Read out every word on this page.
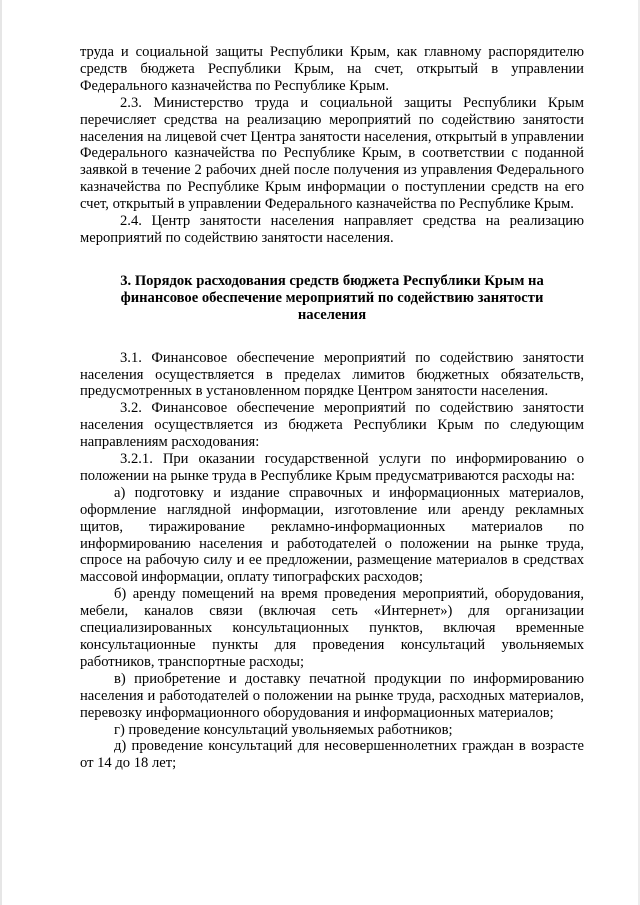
труда и социальной защиты Республики Крым, как главному распорядителю средств бюджета Республики Крым, на счет, открытый в управлении Федерального казначейства по Республике Крым.

2.3. Министерство труда и социальной защиты Республики Крым перечисляет средства на реализацию мероприятий по содействию занятости населения на лицевой счет Центра занятости населения, открытый в управлении Федерального казначейства по Республике Крым, в соответствии с поданной заявкой в течение 2 рабочих дней после получения из управления Федерального казначейства по Республике Крым информации о поступлении средств на его счет, открытый в управлении Федерального казначейства по Республике Крым.

2.4. Центр занятости населения направляет средства на реализацию мероприятий по содействию занятости населения.

3. Порядок расходования средств бюджета Республики Крым на финансовое обеспечение мероприятий по содействию занятости населения

3.1. Финансовое обеспечение мероприятий по содействию занятости населения осуществляется в пределах лимитов бюджетных обязательств, предусмотренных в установленном порядке Центром занятости населения.

3.2. Финансовое обеспечение мероприятий по содействию занятости населения осуществляется из бюджета Республики Крым по следующим направлениям расходования:

3.2.1. При оказании государственной услуги по информированию о положении на рынке труда в Республике Крым предусматриваются расходы на:

а) подготовку и издание справочных и информационных материалов, оформление наглядной информации, изготовление или аренду рекламных щитов, тиражирование рекламно-информационных материалов по информированию населения и работодателей о положении на рынке труда, спросе на рабочую силу и ее предложении, размещение материалов в средствах массовой информации, оплату типографских расходов;

б) аренду помещений на время проведения мероприятий, оборудования, мебели, каналов связи (включая сеть «Интернет») для организации специализированных консультационных пунктов, включая временные консультационные пункты для проведения консультаций увольняемых работников, транспортные расходы;

в) приобретение и доставку печатной продукции по информированию населения и работодателей о положении на рынке труда, расходных материалов, перевозку информационного оборудования и информационных материалов;

г) проведение консультаций увольняемых работников;

д) проведение консультаций для несовершеннолетних граждан в возрасте от 14 до 18 лет;
